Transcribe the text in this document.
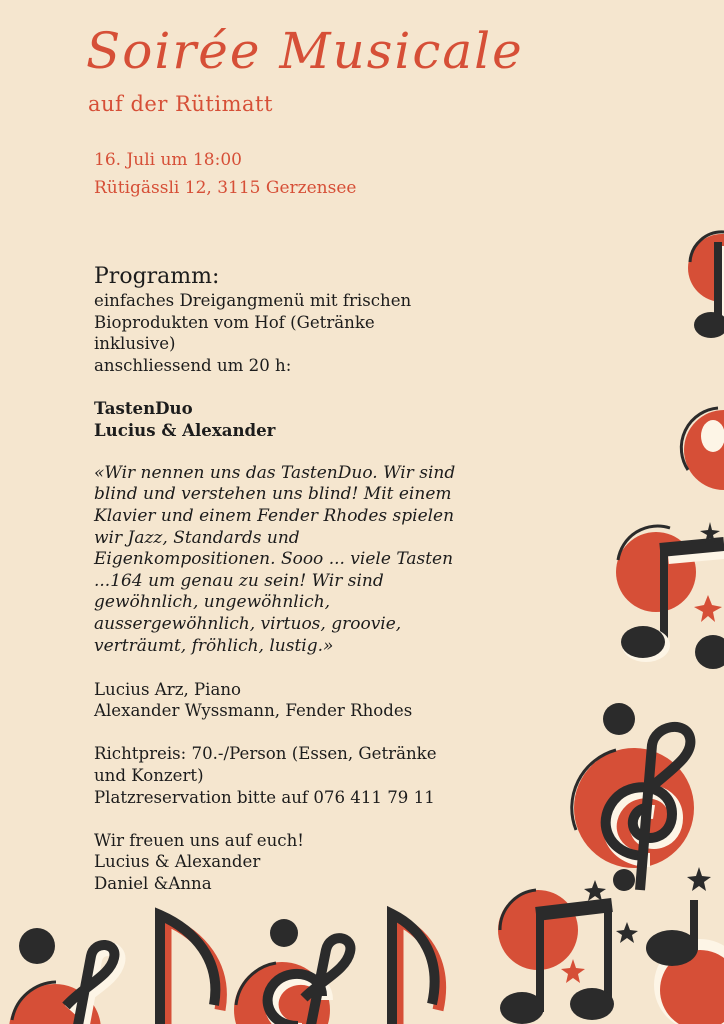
Soirée Musicale
auf der Rütimatt
16. Juli um 18:00
Rütigässli 12, 3115 Gerzensee
Programm:
einfaches Dreigangmenü mit frischen
Bioprodukten vom Hof (Getränke
inklusive)
anschliessend um 20 h:
TastenDuo
Lucius & Alexander
«Wir nennen uns das TastenDuo. Wir sind
blind und verstehen uns blind! Mit einem
Klavier und einem Fender Rhodes spielen
wir Jazz, Standards und
Eigenkompositionen. Sooo ... viele Tasten
...164 um genau zu sein! Wir sind
gewöhnlich, ungewöhnlich,
aussergewöhnlich, virtuos, groovie,
verträumt, fröhlich, lustig.»
Lucius Arz, Piano
Alexander Wyssmann, Fender Rhodes
Richtpreis: 70.-/Person (Essen, Getränke
und Konzert)
Platzreservation bitte auf 076 411 79 11
Wir freuen uns auf euch!
Lucius & Alexander
Daniel &Anna
